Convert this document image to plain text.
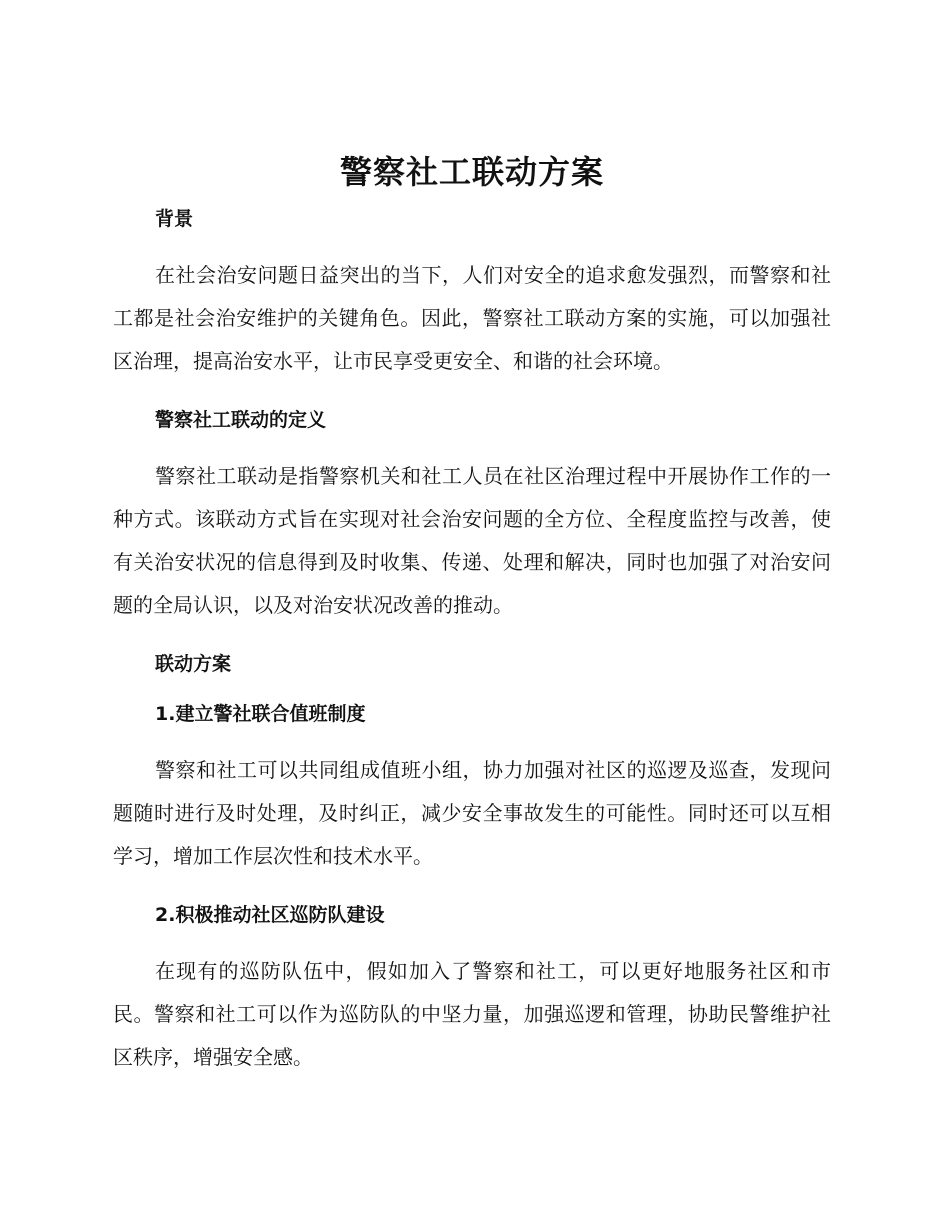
警察社工联动方案
背景

在社会治安问题日益突出的当下，人们对安全的追求愈发强烈，而警察和社工都是社会治安维护的关键角色。因此，警察社工联动方案的实施，可以加强社区治理，提高治安水平，让市民享受更安全、和谐的社会环境。

警察社工联动的定义

警察社工联动是指警察机关和社工人员在社区治理过程中开展协作工作的一种方式。该联动方式旨在实现对社会治安问题的全方位、全程度监控与改善，使有关治安状况的信息得到及时收集、传递、处理和解决，同时也加强了对治安问题的全局认识，以及对治安状况改善的推动。

联动方案
1.建立警社联合值班制度

警察和社工可以共同组成值班小组，协力加强对社区的巡逻及巡查，发现问题随时进行及时处理，及时纠正，减少安全事故发生的可能性。同时还可以互相学习，增加工作层次性和技术水平。

2.积极推动社区巡防队建设

在现有的巡防队伍中，假如加入了警察和社工，可以更好地服务社区和市民。警察和社工可以作为巡防队的中坚力量，加强巡逻和管理，协助民警维护社区秩序，增强安全感。
